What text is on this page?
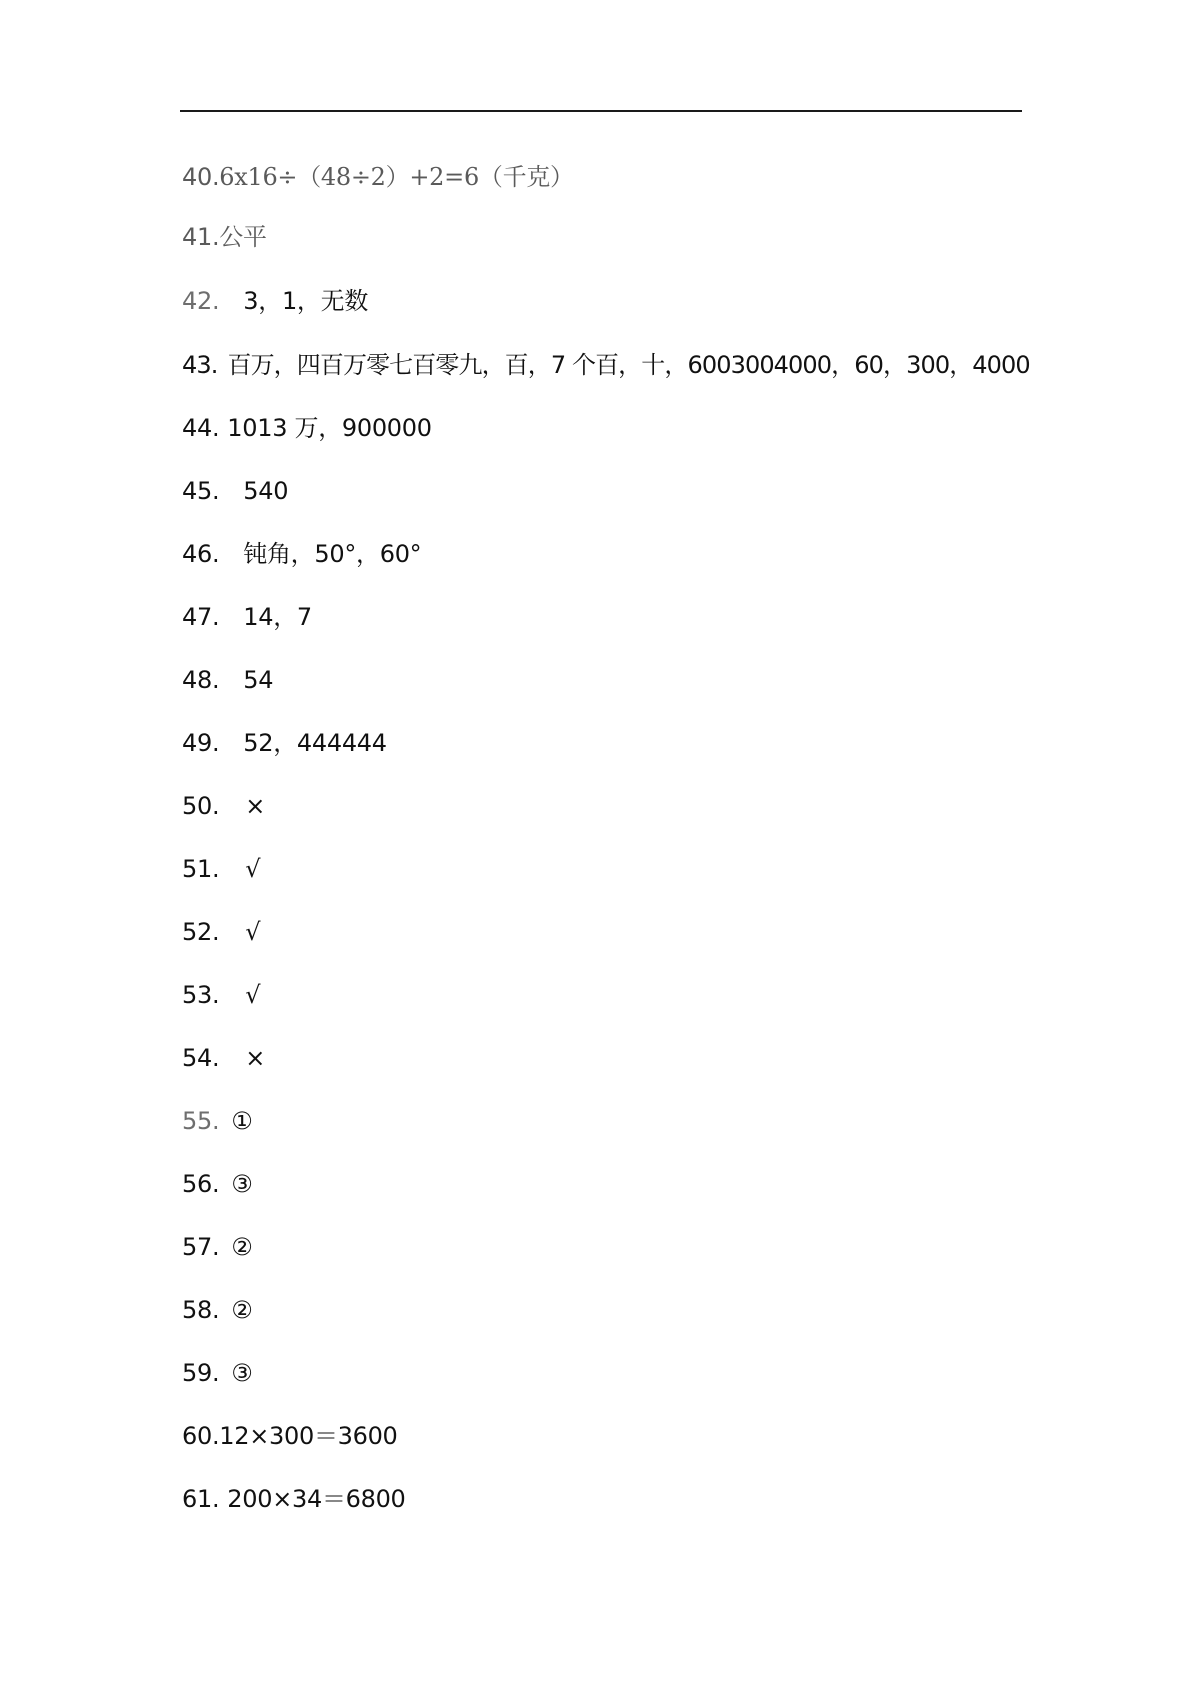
40.6x16÷（48÷2）+2=6（千克）
41.公平
42. 3，1，无数
43. 百万，四百万零七百零九，百，7 个百，十，6003004000，60，300，4000
44. 1013 万，900000
45. 540
46. 钝角，50°，60°
47. 14，7
48. 54
49. 52，444444
50. ×
51. √
52. √
53. √
54. ×
55. ①
56. ③
57. ②
58. ②
59. ③
60.12×300＝3600
61. 200×34＝6800
